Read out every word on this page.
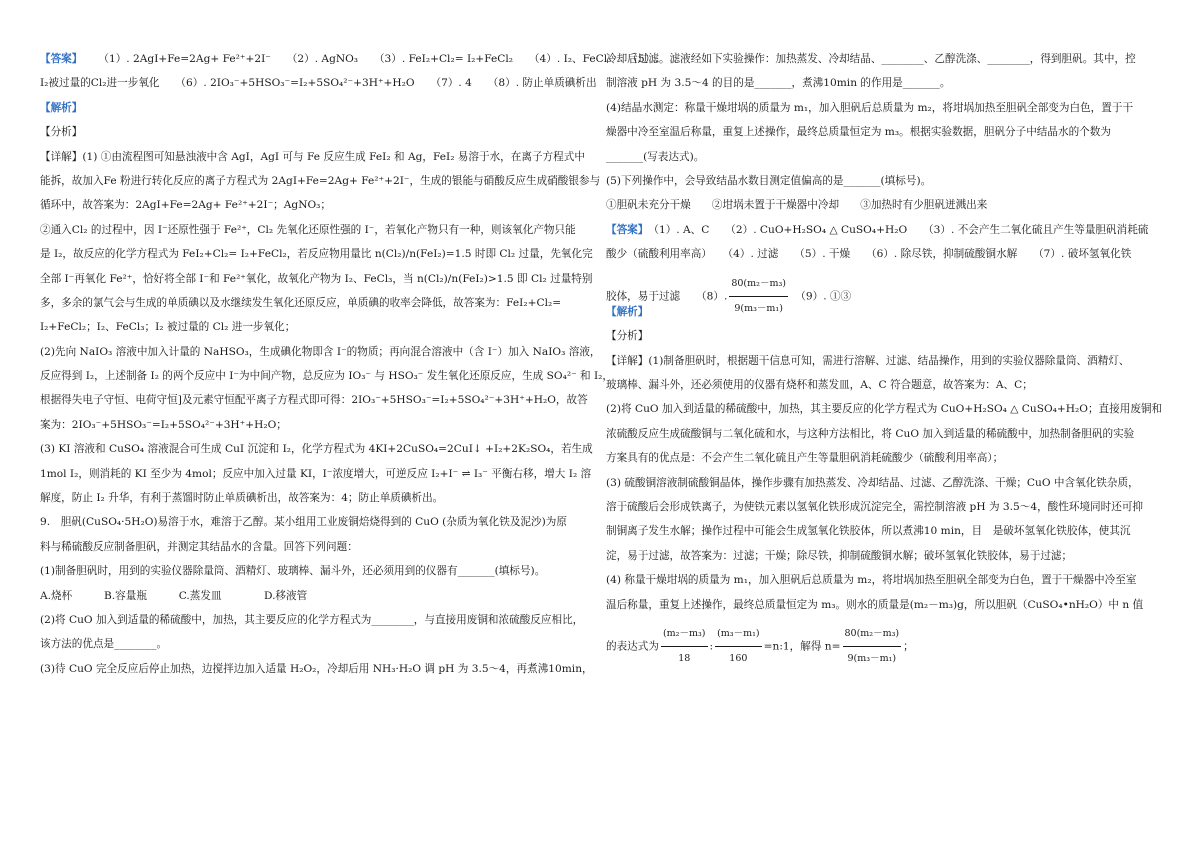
【答案】 （1）. 2AgI+Fe=2Ag+ Fe²⁺+2I⁻　　（2）. AgNO₃　　（3）. FeI₂+Cl₂= I₂+FeCl₂　　（4）. I₂、FeCl₃　　（5）.

I₂被过量的Cl₂进一步氧化　　（6）. 2IO₃⁻+5HSO₃⁻=I₂+5SO₄²⁻+3H⁺+H₂O　　（7）. 4　　（8）. 防止单质碘析出

【解析】

【分析】

【详解】(1) ①由流程图可知悬浊液中含 AgI，AgI 可与 Fe 反应生成 FeI₂ 和 Ag，FeI₂ 易溶于水，在离子方程式中

能拆，故加入Fe 粉进行转化反应的离子方程式为 2AgI+Fe=2Ag+ Fe²⁺+2I⁻，生成的银能与硝酸反应生成硝酸银参与

循环中，故答案为：2AgI+Fe=2Ag+ Fe²⁺+2I⁻；AgNO₃；

②通入Cl₂ 的过程中，因 I⁻还原性强于 Fe²⁺，Cl₂ 先氧化还原性强的 I⁻，若氧化产物只有一种，则该氧化产物只能

是 I₂，故反应的化学方程式为 FeI₂+Cl₂= I₂+FeCl₂，若反应物用量比 n(Cl₂)/n(FeI₂)=1.5 时即 Cl₂ 过量，先氧化完

全部 I⁻再氧化 Fe²⁺，恰好将全部 I⁻和 Fe²⁺氧化，故氧化产物为 I₂、FeCl₃，当 n(Cl₂)/n(FeI₂)>1.5 即 Cl₂ 过量特别

多，多余的氯气会与生成的单质碘以及水继续发生氧化还原反应，单质碘的收率会降低，故答案为：FeI₂+Cl₂=

I₂+FeCl₂；I₂、FeCl₃；I₂ 被过量的 Cl₂ 进一步氧化；

(2)先向 NaIO₃ 溶液中加入计量的 NaHSO₃，生成碘化物即含 I⁻的物质；再向混合溶液中（含 I⁻）加入 NaIO₃ 溶液，

反应得到 I₂，上述制备 I₂ 的两个反应中 I⁻为中间产物，总反应为 IO₃⁻ 与 HSO₃⁻ 发生氧化还原反应，生成 SO₄²⁻ 和 I₂，

根据得失电子守恒、电荷守恒]及元素守恒配平离子方程式即可得：2IO₃⁻+5HSO₃⁻=I₂+5SO₄²⁻+3H⁺+H₂O，故答

案为：2IO₃⁻+5HSO₃⁻=I₂+5SO₄²⁻+3H⁺+H₂O；

(3) KI 溶液和 CuSO₄ 溶液混合可生成 CuI 沉淀和 I₂，化学方程式为 4KI+2CuSO₄=2CuI↓ +I₂+2K₂SO₄，若生成

1mol I₂，则消耗的 KI 至少为 4mol；反应中加入过量 KI，I⁻浓度增大，可逆反应 I₂+I⁻ ⇌ I₃⁻ 平衡右移，增大 I₂ 溶

解度，防止 I₂ 升华，有利于蒸馏时防止单质碘析出，故答案为：4；防止单质碘析出。

9.　胆矾(CuSO₄·5H₂O)易溶于水，难溶于乙醇。某小组用工业废铜焙烧得到的 CuO (杂质为氧化铁及泥沙)为原

料与稀硫酸反应制备胆矾，并测定其结晶水的含量。回答下列问题：

(1)制备胆矾时，用到的实验仪器除量筒、酒精灯、玻璃棒、漏斗外，还必须用到的仪器有_______(填标号)。

A.烧杯　　　B.容量瓶　　　C.蒸发皿　　　　D.移液管

(2)将 CuO 加入到适量的稀硫酸中，加热，其主要反应的化学方程式为________，与直接用废铜和浓硫酸反应相比，

该方法的优点是________。

(3)待 CuO 完全反应后停止加热，边搅拌边加入适量 H₂O₂，冷却后用 NH₃·H₂O 调 pH 为 3.5～4，再煮沸10min，

冷却后过滤。滤液经如下实验操作：加热蒸发、冷却结晶、________、乙醇洗涤、________，得到胆矾。其中，控

制溶液 pH 为 3.5～4 的目的是_______，煮沸10min 的作用是_______。

(4)结晶水测定：称量干燥坩埚的质量为 m₁，加入胆矾后总质量为 m₂，将坩埚加热至胆矾全部变为白色，置于干

燥器中冷至室温后称量，重复上述操作，最终总质量恒定为 m₃。根据实验数据，胆矾分子中结晶水的个数为

_______(写表达式)。

(5)下列操作中，会导致结晶水数目测定值偏高的是_______(填标号)。

①胆矾未充分干燥　　②坩埚未置于干燥器中冷却　　③加热时有少胆矾迸溅出来

【答案】　（1）. A、C　　（2）. CuO+H₂SO₄ △ CuSO₄+H₂O　　（3）. 不会产生二氧化硫且产生等量胆矾消耗硫

酸少（硫酸利用率高）　　（4）. 过滤　　（5）. 干燥　　（6）. 除尽铁，抑制硫酸铜水解　　（7）. 破坏氢氧化铁

胶体，易于过滤　　（8）. $\frac{\text{80(m₂－m₃)}}{\text{9(m₃－m₁)}}$ 　（9）. ①③

【解析】

【分析】

【详解】(1)制备胆矾时，根据题干信息可知，需进行溶解、过滤、结晶操作，用到的实验仪器除量筒、酒精灯、

玻璃棒、漏斗外，还必须使用的仪器有烧杯和蒸发皿，A、C 符合题意，故答案为：A、C；

(2)将 CuO 加入到适量的稀硫酸中，加热，其主要反应的化学方程式为 CuO+H₂SO₄ △ CuSO₄+H₂O；直接用废铜和

浓硫酸反应生成硫酸铜与二氧化硫和水，与这种方法相比，将 CuO 加入到适量的稀硫酸中，加热制备胆矾的实验

方案具有的优点是：不会产生二氧化硫且产生等量胆矾消耗硫酸少（硫酸利用率高）；

(3) 硫酸铜溶液制硫酸铜晶体，操作步骤有加热蒸发、冷却结晶、过滤、乙醇洗涤、干燥；CuO 中含氧化铁杂质，

溶于硫酸后会形成铁离子，为使铁元素以氢氧化铁形成沉淀完全，需控制溶液 pH 为 3.5～4，酸性环境同时还可抑

制铜离子发生水解；操作过程中可能会生成氢氧化铁胶体，所以煮沸10 min，目　是破坏氢氧化铁胶体，使其沉

淀，易于过滤，故答案为：过滤；干燥；除尽铁，抑制硫酸铜水解；破坏氢氧化铁胶体，易于过滤；

(4) 称量干燥坩埚的质量为 m₁，加入胆矾后总质量为 m₂，将坩埚加热至胆矾全部变为白色，置于干燥器中冷至室

温后称量，重复上述操作，最终总质量恒定为 m₃。则水的质量是(m₂－m₃)g，所以胆矾（CuSO₄•nH₂O）中 n 值

的表达式为 $\frac{\text{(m₂－m₃)}}{18}$ : $\frac{\text{(m₃－m₁)}}{160}$ =n:1，解得 $n= \frac{\text{80(m₂－m₃)}}{\text{9(m₃－m₁)}}$ ；
